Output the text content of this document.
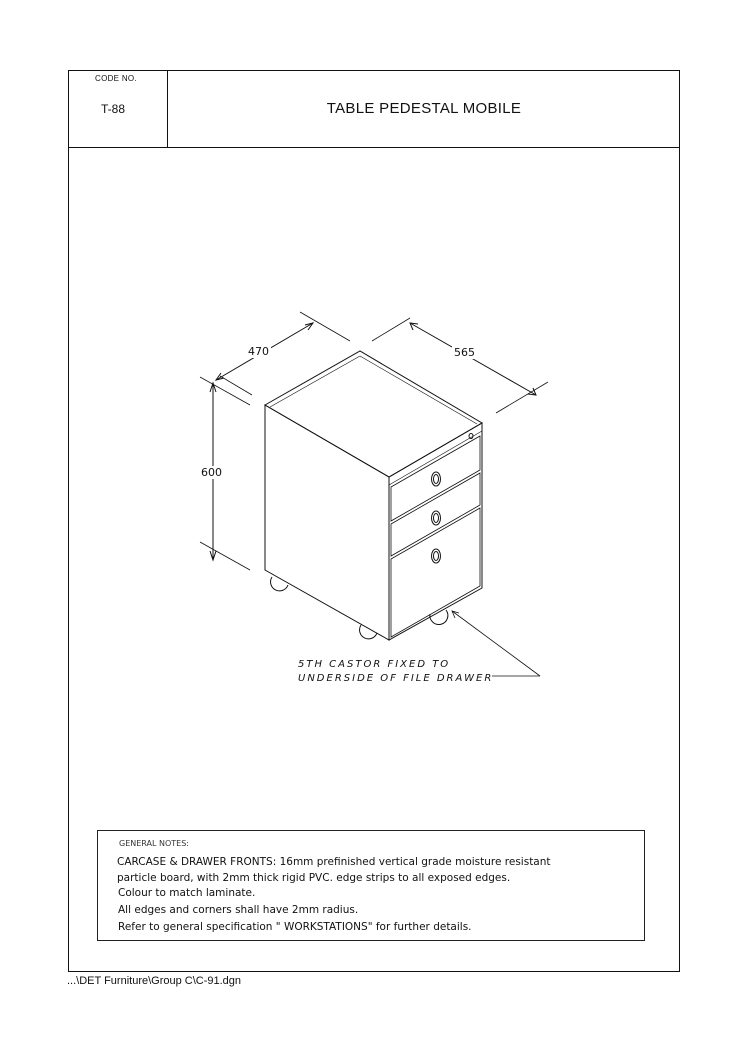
CODE NO.
T-88	TABLE PEDESTAL MOBILE
470	565
600
5TH CASTOR FIXED TO
UNDERSIDE OF FILE DRAWER
GENERAL NOTES:
CARCASE & DRAWER FRONTS: 16mm prefinished vertical grade moisture resistant
particle board, with 2mm thick rigid PVC. edge strips to all exposed edges.
Colour to match laminate.
All edges and corners shall have 2mm radius.
Refer to general specification " WORKSTATIONS" for further details.
...\DET Furniture\Group C\C-91.dgn
